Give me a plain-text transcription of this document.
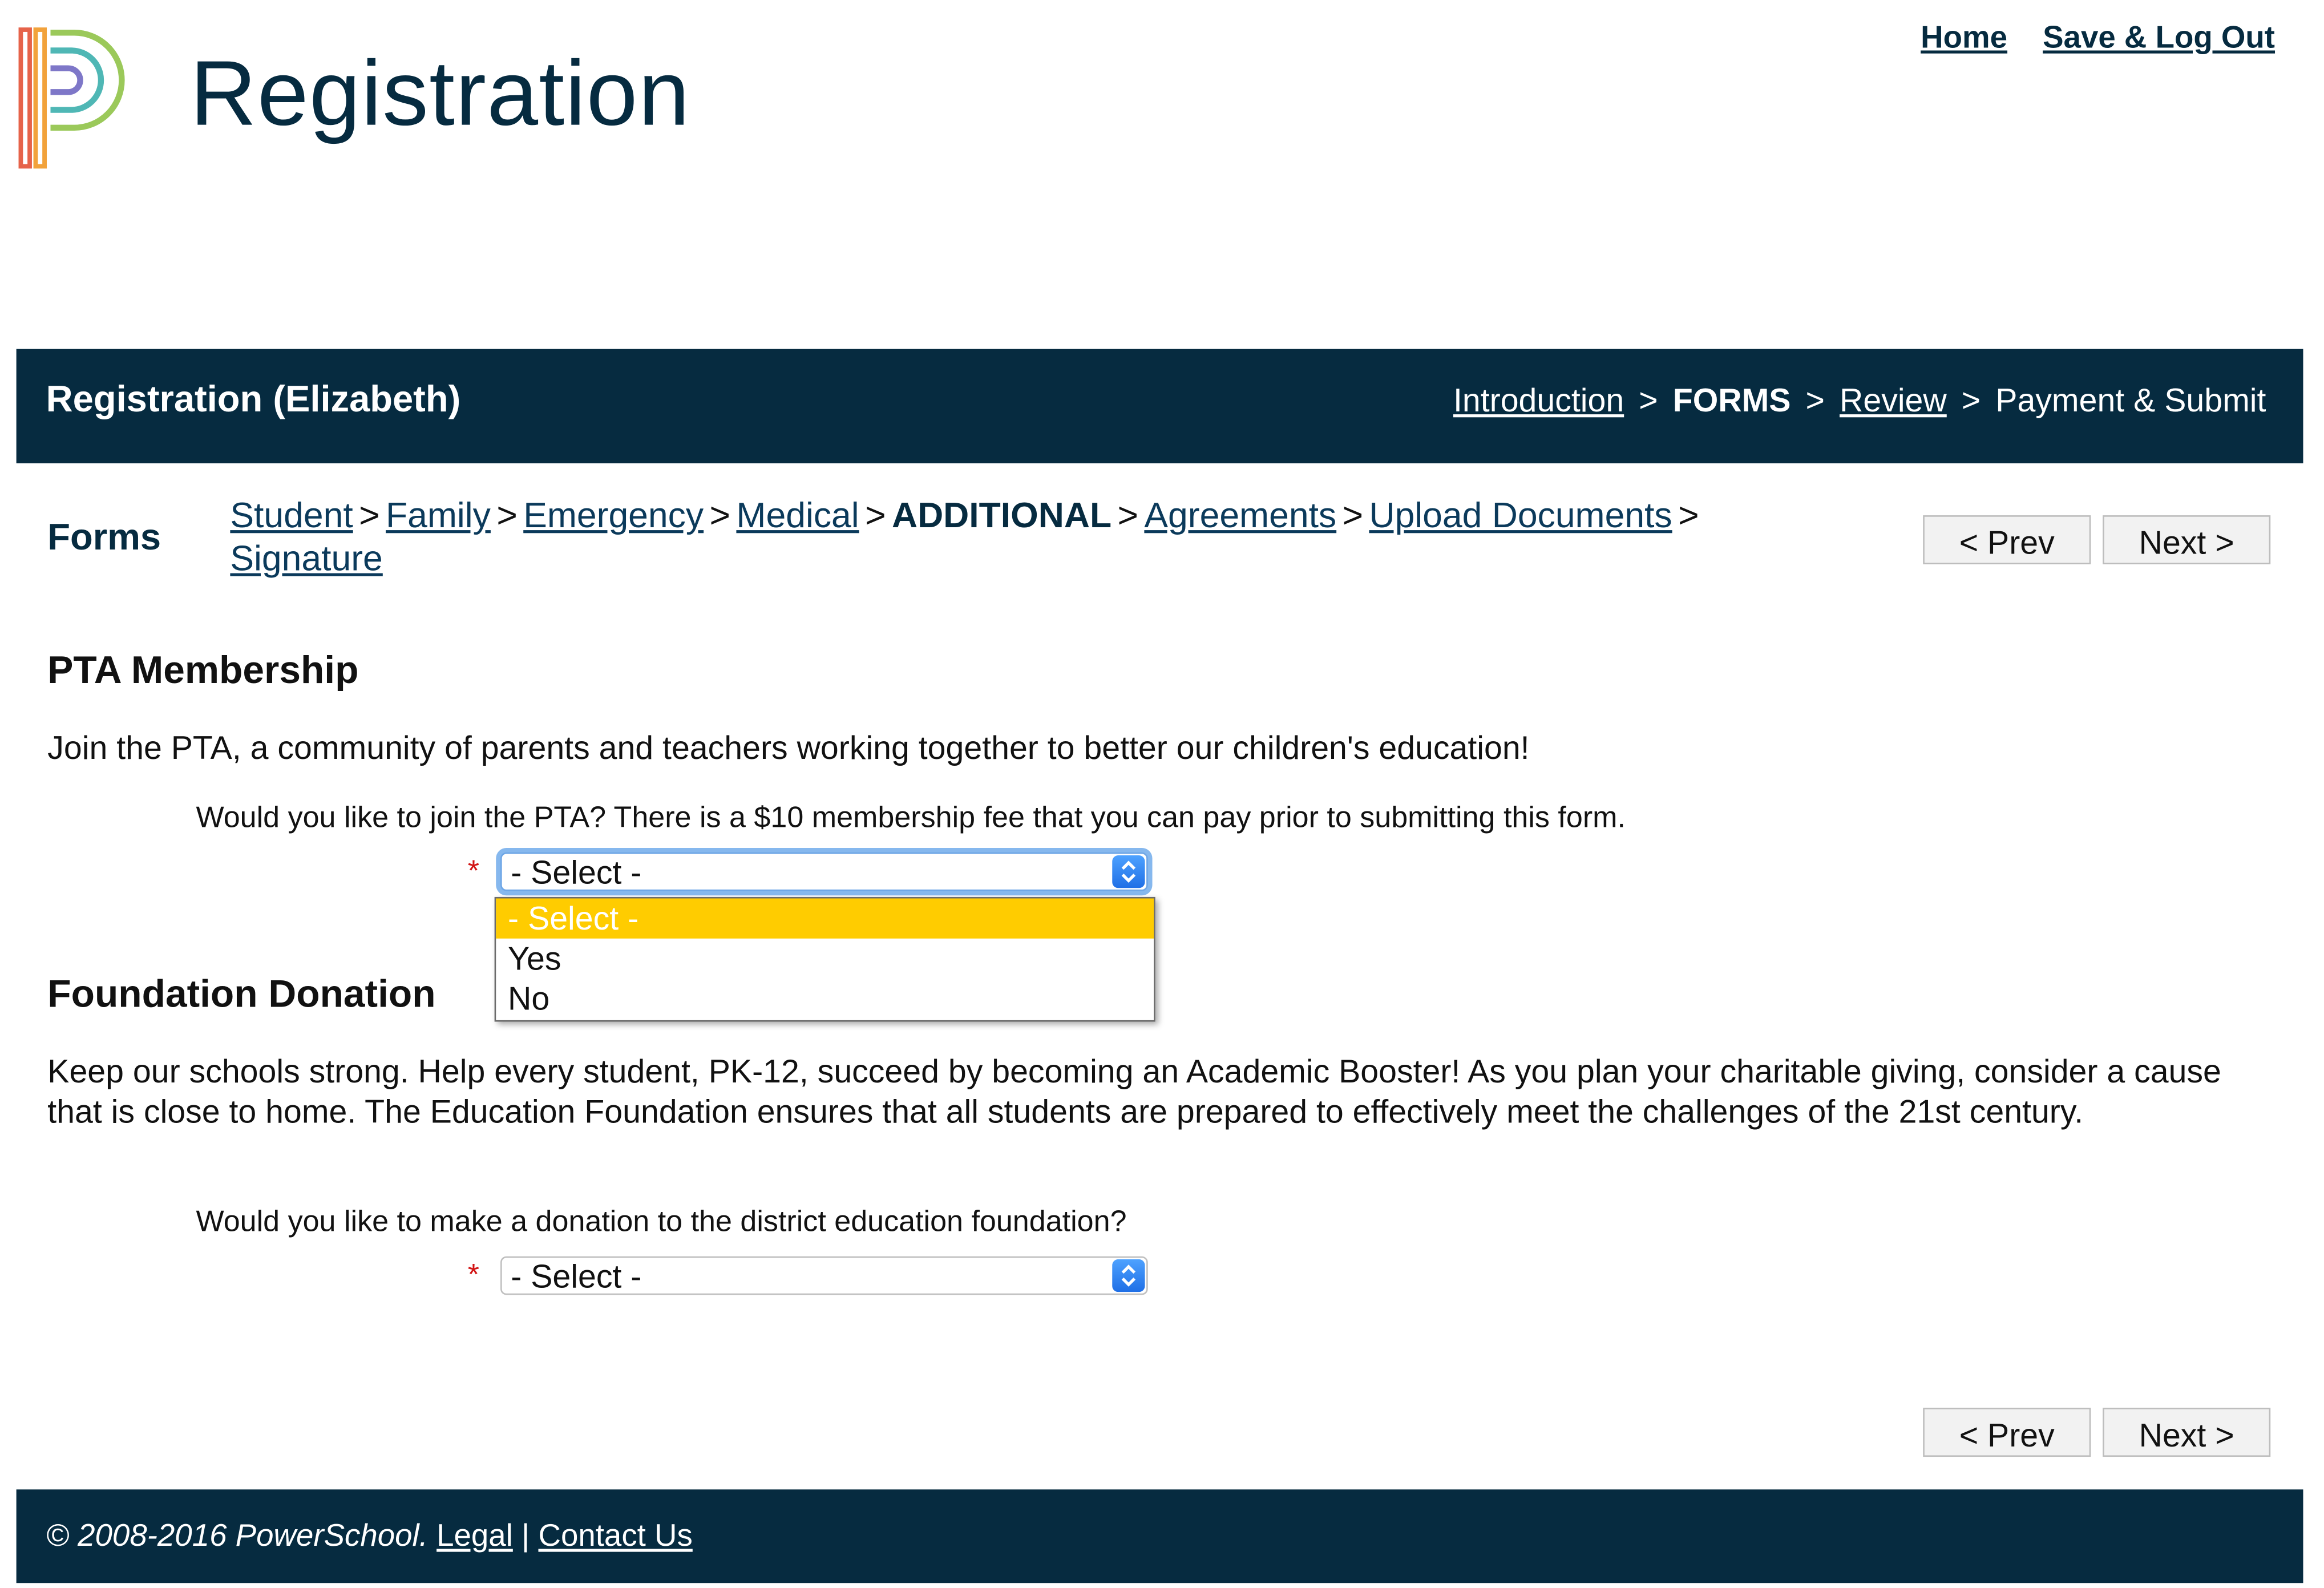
Registration
Home	Save & Log Out
Registration (Elizabeth)	Introduction > FORMS > Review > Payment & Submit
Forms
Student > Family > Emergency > Medical > ADDITIONAL > Agreements > Upload Documents >
Signature	< Prev	Next >
PTA Membership
Join the PTA, a community of parents and teachers working together to better our children's education!
Would you like to join the PTA? There is a $10 membership fee that you can pay prior to submitting this form.
*	- Select -
Foundation Donation
Keep our schools strong. Help every student, PK-12, succeed by becoming an Academic Booster! As you plan your charitable giving, consider a cause that is close to home. The Education Foundation ensures that all students are prepared to effectively meet the challenges of the 21st century.
Would you like to make a donation to the district education foundation?
*	- Select -
- Select -
Yes
No
< Prev	Next >
© 2008-2016 PowerSchool. Legal | Contact Us
